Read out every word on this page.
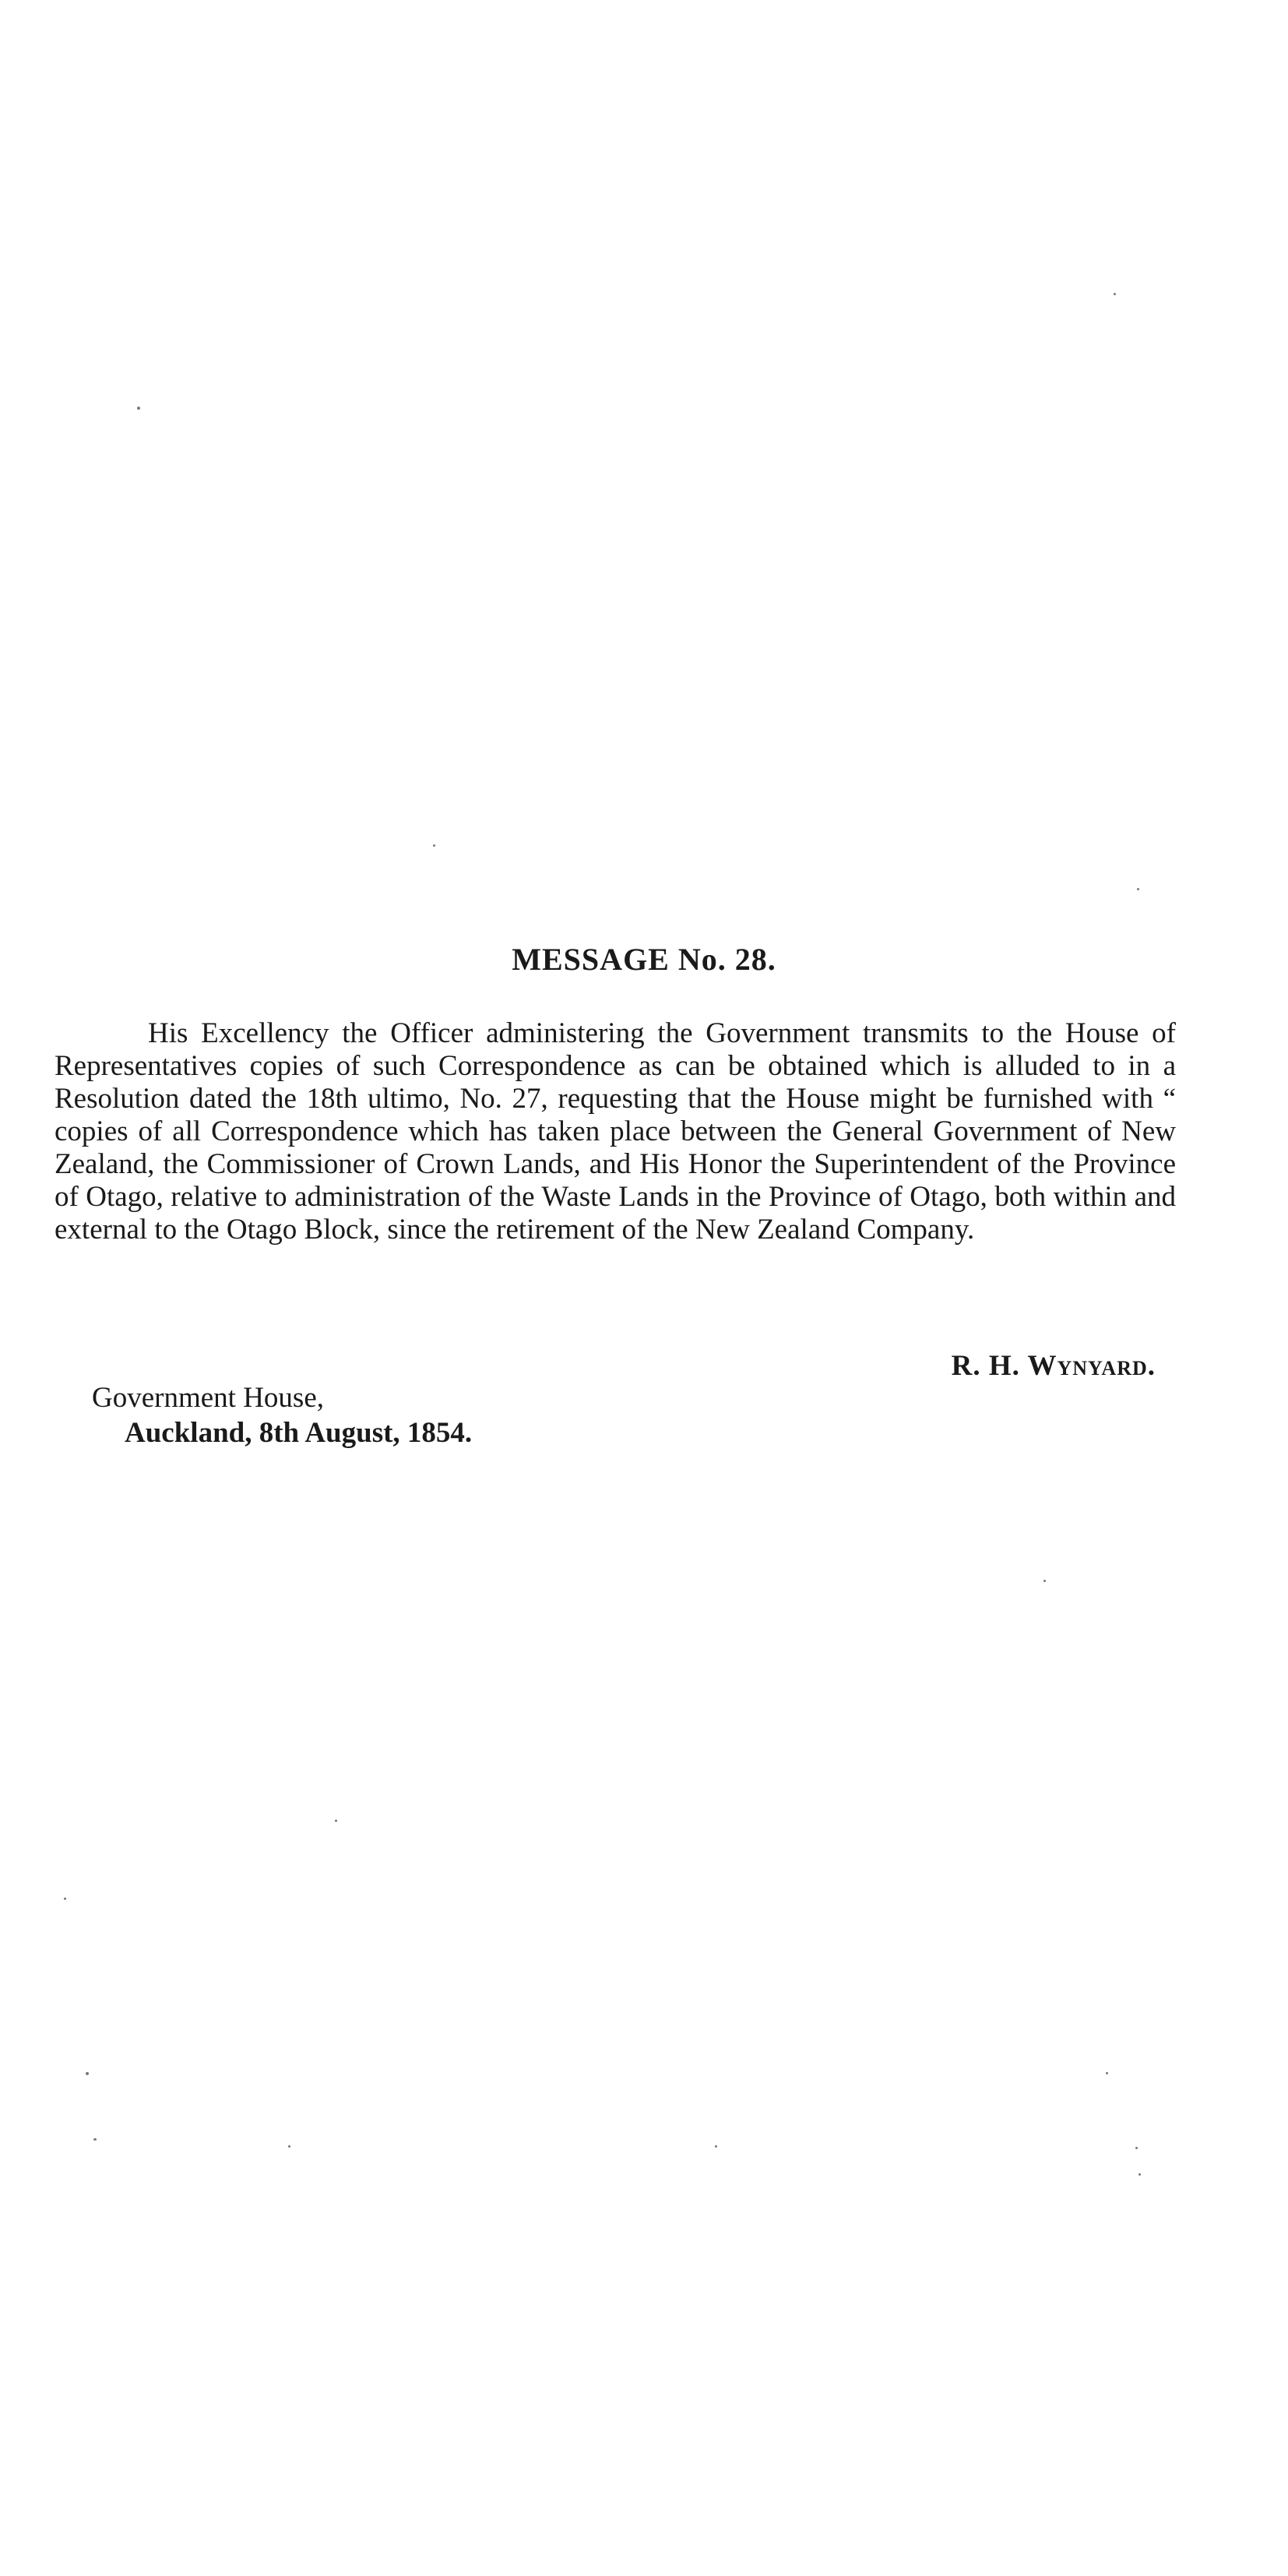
MESSAGE No. 28.

His Excellency the Officer administering the Government transmits to the House of Representatives copies of such Correspondence as can be obtained which is alluded to in a Resolution dated the 18th ultimo, No. 27, requesting that the House might be furnished with “ copies of all Correspondence which has taken place between the General Government of New Zealand, the Commissioner of Crown Lands, and His Honor the Superintendent of the Province of Otago, relative to administration of the Waste Lands in the Province of Otago, both within and external to the Otago Block, since the retirement of the New Zealand Company.

R. H. Wynyard.

Government House,

Auckland, 8th August, 1854.
